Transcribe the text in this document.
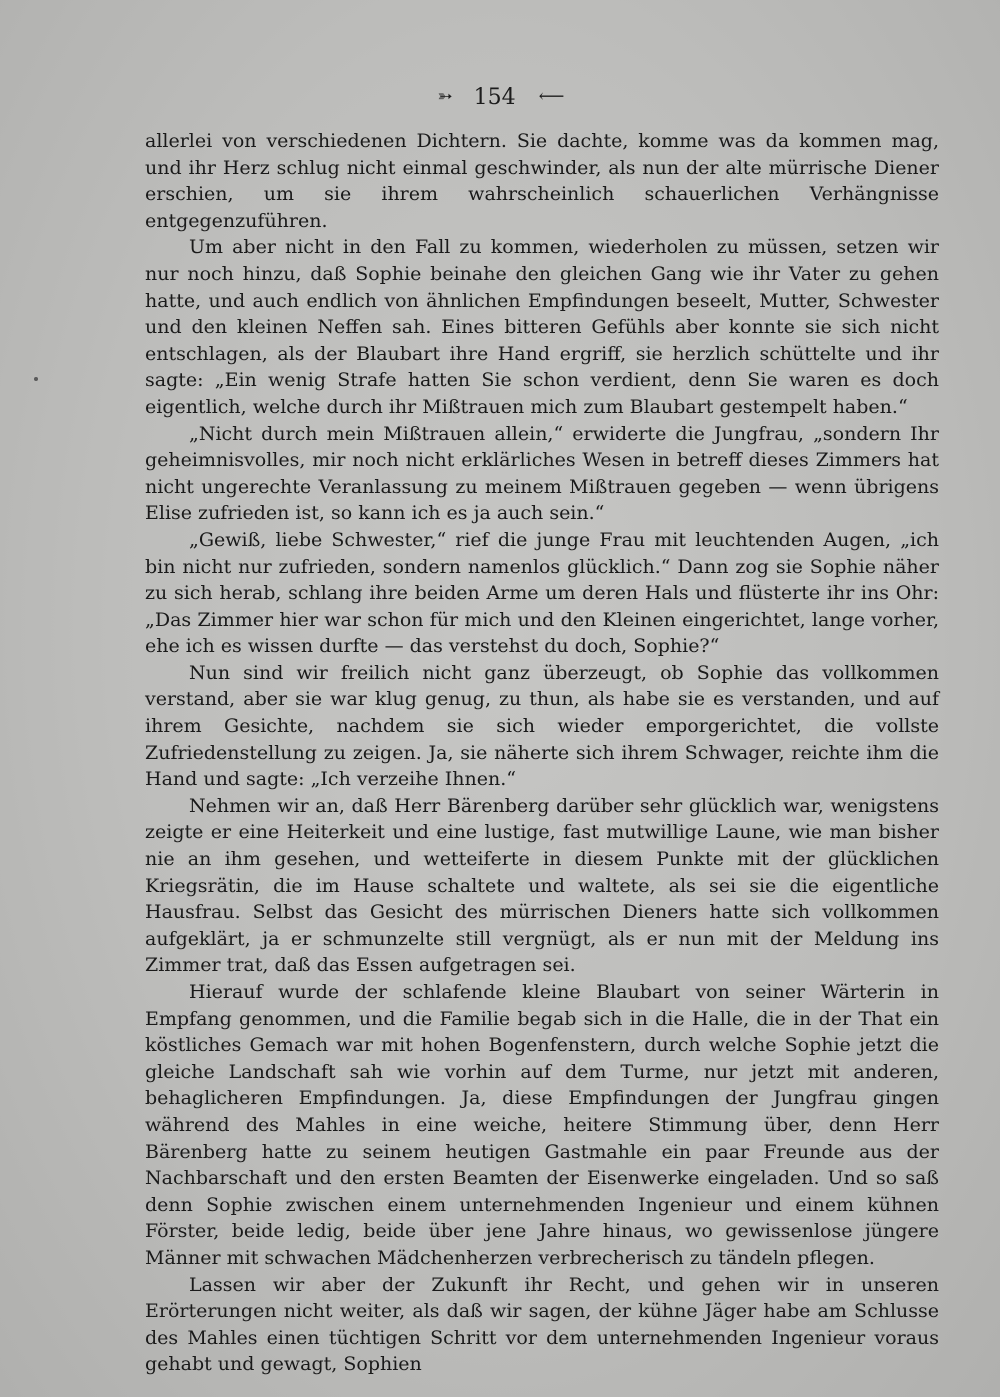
➳ 154 ⟵

allerlei von verschiedenen Dichtern. Sie dachte, komme was da kommen mag, und ihr Herz schlug nicht einmal geschwinder, als nun der alte mürrische Diener erschien, um sie ihrem wahrscheinlich schauerlichen Verhängnisse entgegenzuführen.

Um aber nicht in den Fall zu kommen, wiederholen zu müssen, setzen wir nur noch hinzu, daß Sophie beinahe den gleichen Gang wie ihr Vater zu gehen hatte, und auch endlich von ähnlichen Empfindungen beseelt, Mutter, Schwester und den kleinen Neffen sah. Eines bitteren Gefühls aber konnte sie sich nicht entschlagen, als der Blaubart ihre Hand ergriff, sie herzlich schüttelte und ihr sagte: „Ein wenig Strafe hatten Sie schon verdient, denn Sie waren es doch eigentlich, welche durch ihr Mißtrauen mich zum Blaubart gestempelt haben.“

„Nicht durch mein Mißtrauen allein,“ erwiderte die Jungfrau, „sondern Ihr geheimnisvolles, mir noch nicht erklärliches Wesen in betreff dieses Zimmers hat nicht ungerechte Veranlassung zu meinem Mißtrauen gegeben — wenn übrigens Elise zufrieden ist, so kann ich es ja auch sein.“

„Gewiß, liebe Schwester,“ rief die junge Frau mit leuchtenden Augen, „ich bin nicht nur zufrieden, sondern namenlos glücklich.“ Dann zog sie Sophie näher zu sich herab, schlang ihre beiden Arme um deren Hals und flüsterte ihr ins Ohr: „Das Zimmer hier war schon für mich und den Kleinen eingerichtet, lange vorher, ehe ich es wissen durfte — das verstehst du doch, Sophie?“

Nun sind wir freilich nicht ganz überzeugt, ob Sophie das vollkommen verstand, aber sie war klug genug, zu thun, als habe sie es verstanden, und auf ihrem Gesichte, nachdem sie sich wieder emporgerichtet, die vollste Zufriedenstellung zu zeigen. Ja, sie näherte sich ihrem Schwager, reichte ihm die Hand und sagte: „Ich verzeihe Ihnen.“

Nehmen wir an, daß Herr Bärenberg darüber sehr glücklich war, wenigstens zeigte er eine Heiterkeit und eine lustige, fast mutwillige Laune, wie man bisher nie an ihm gesehen, und wetteiferte in diesem Punkte mit der glücklichen Kriegsrätin, die im Hause schaltete und waltete, als sei sie die eigentliche Hausfrau. Selbst das Gesicht des mürrischen Dieners hatte sich vollkommen aufgeklärt, ja er schmunzelte still vergnügt, als er nun mit der Meldung ins Zimmer trat, daß das Essen aufgetragen sei.

Hierauf wurde der schlafende kleine Blaubart von seiner Wärterin in Empfang genommen, und die Familie begab sich in die Halle, die in der That ein köstliches Gemach war mit hohen Bogenfenstern, durch welche Sophie jetzt die gleiche Landschaft sah wie vorhin auf dem Turme, nur jetzt mit anderen, behaglicheren Empfindungen. Ja, diese Empfindungen der Jungfrau gingen während des Mahles in eine weiche, heitere Stimmung über, denn Herr Bärenberg hatte zu seinem heutigen Gastmahle ein paar Freunde aus der Nachbarschaft und den ersten Beamten der Eisenwerke eingeladen. Und so saß denn Sophie zwischen einem unternehmenden Ingenieur und einem kühnen Förster, beide ledig, beide über jene Jahre hinaus, wo gewissenlose jüngere Männer mit schwachen Mädchenherzen verbrecherisch zu tändeln pflegen.

Lassen wir aber der Zukunft ihr Recht, und gehen wir in unseren Erörterungen nicht weiter, als daß wir sagen, der kühne Jäger habe am Schlusse des Mahles einen tüchtigen Schritt vor dem unternehmenden Ingenieur voraus gehabt und gewagt, Sophien
